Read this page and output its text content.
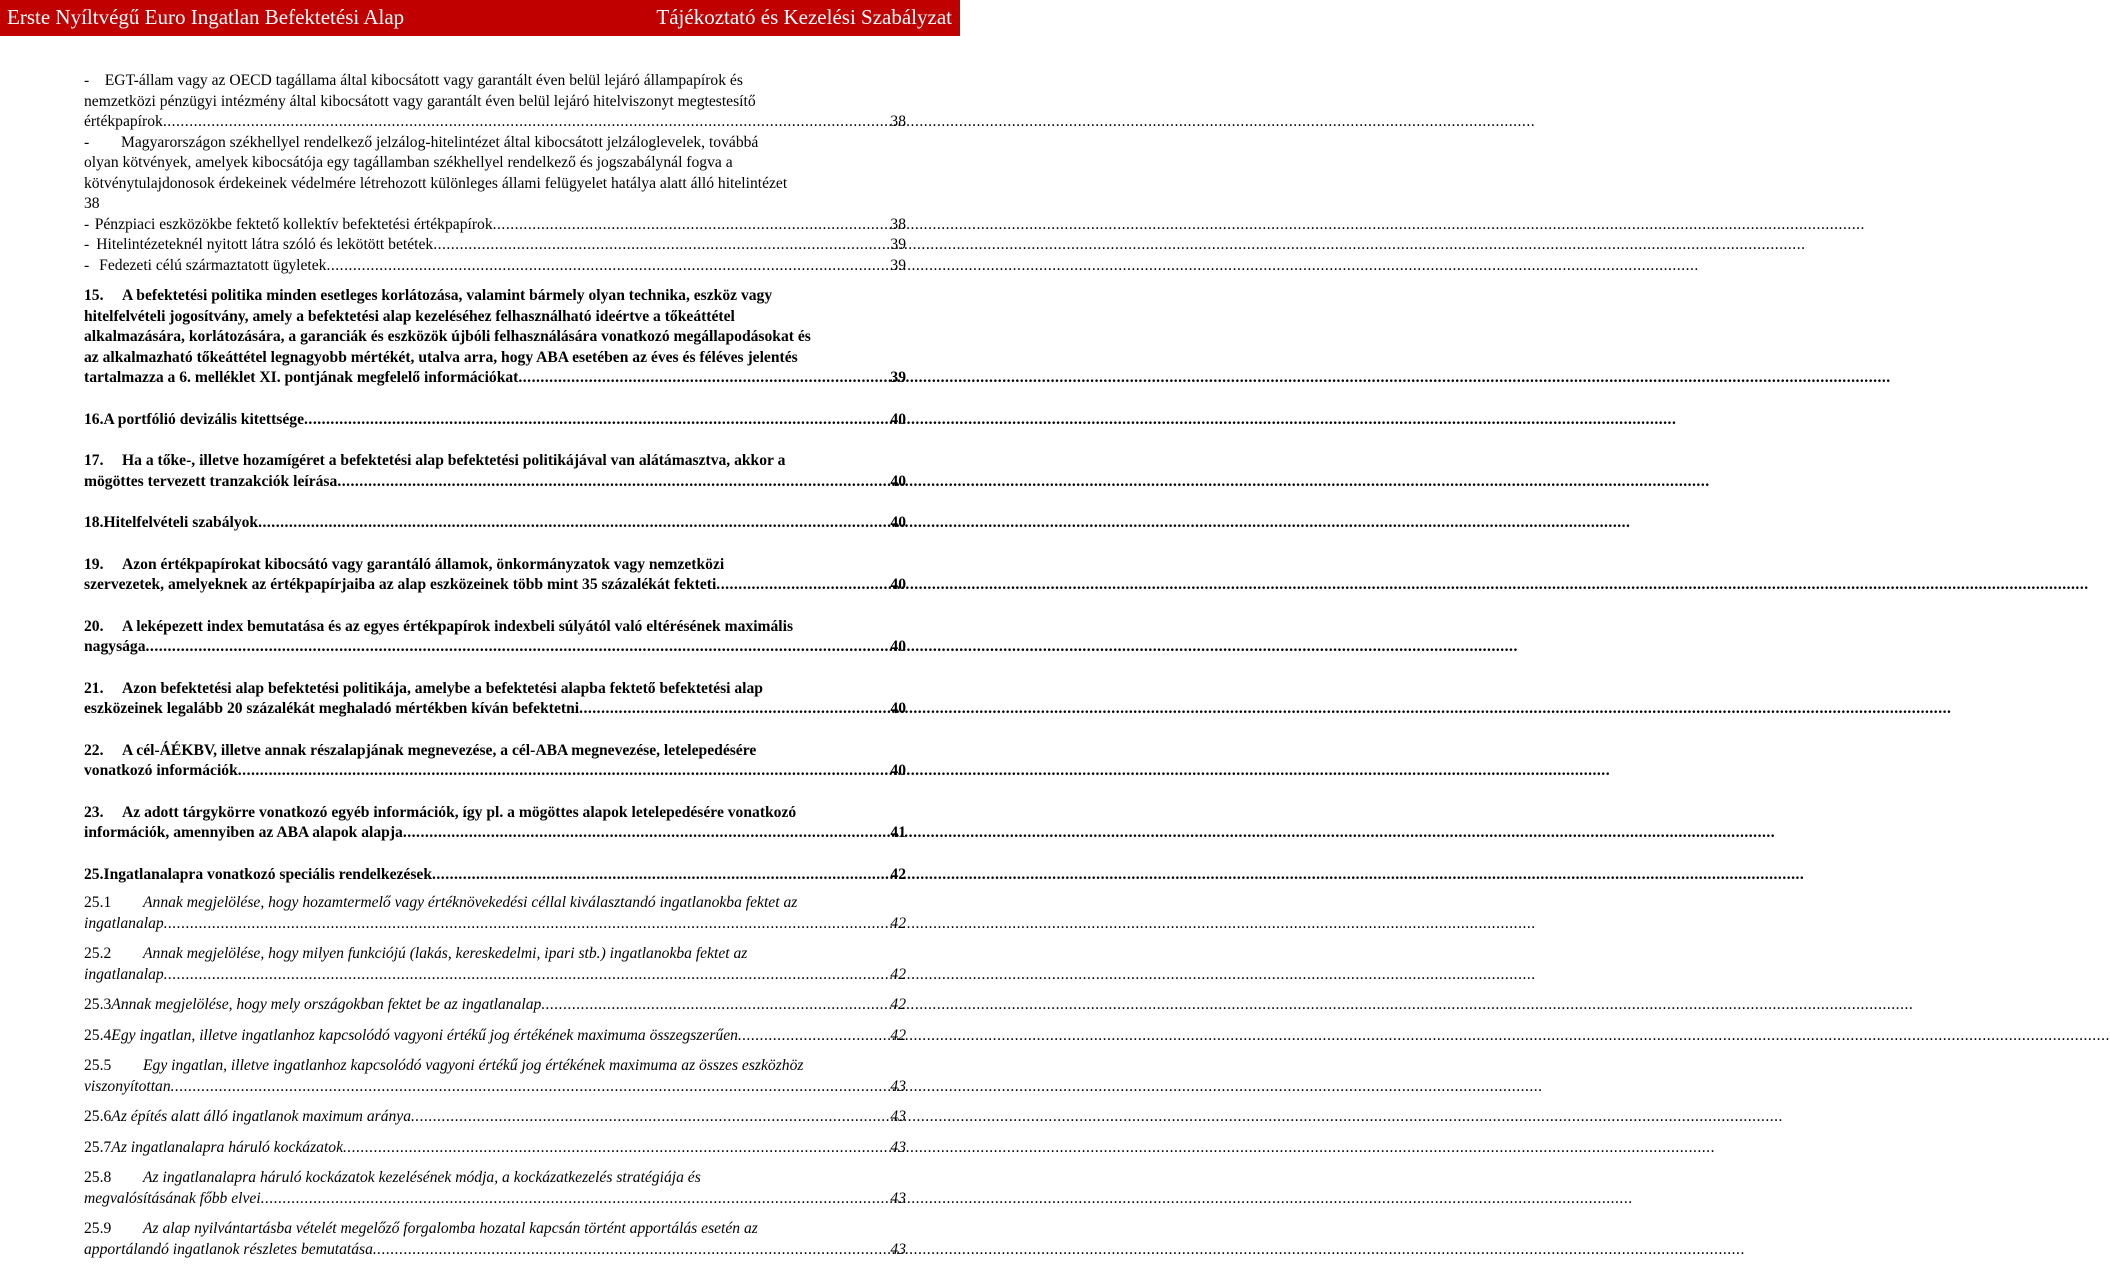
Erste Nyíltvégű Euro Ingatlan Befektetési Alap	Tájékoztató és Kezelési Szabályzat
-    EGT-állam vagy az OECD tagállama által kibocsátott vagy garantált éven belül lejáró állampapírok és
nemzetközi pénzügyi intézmény által kibocsátott vagy garantált éven belül lejáró hitelviszonyt megtestesítő
értékpapírok .....	38
-	Magyarországon székhellyel rendelkező jelzálog-hitelintézet által kibocsátott jelzáloglevelek, továbbá
olyan kötvények, amelyek kibocsátója egy tagállamban székhellyel rendelkező és jogszabálynál fogva a
kötvénytulajdonosok érdekeinek védelmére létrehozott különleges állami felügyelet hatálya alatt álló hitelintézet
38
- Pénzpiaci eszközökbe fektető kollektív befektetési értékpapírok .....	38
- Hitelintézeteknél nyitott látra szóló és lekötött betétek .....	39
- Fedezeti célú származtatott ügyletek .....	39
15.	A befektetési politika minden esetleges korlátozása, valamint bármely olyan technika, eszköz vagy
hitelfelvételi jogosítvány, amely a befektetési alap kezeléséhez felhasználható ideértve a tőkeáttétel
alkalmazására, korlátozására, a garanciák és eszközök újbóli felhasználására vonatkozó megállapodásokat és
az alkalmazható tőkeáttétel legnagyobb mértékét, utalva arra, hogy ABA esetében az éves és féléves jelentés
tartalmazza a 6. melléklet XI. pontjának megfelelő információkat .....	39
16. A portfólió devizális kitettsége .....	40
17.	Ha a tőke-, illetve hozamígéret a befektetési alap befektetési politikájával van alátámasztva, akkor a
mögöttes tervezett tranzakciók leírása .....	40
18. Hitelfelvételi szabályok .....	40
19.	Azon értékpapírokat kibocsátó vagy garantáló államok, önkormányzatok vagy nemzetközi
szervezetek, amelyeknek az értékpapírjaiba az alap eszközeinek több mint 35 százalékát fekteti .....	40
20.	A leképezett index bemutatása és az egyes értékpapírok indexbeli súlyától való eltérésének maximális
nagysága .....	40
21.	Azon befektetési alap befektetési politikája, amelybe a befektetési alapba fektető befektetési alap
eszközeinek legalább 20 százalékát meghaladó mértékben kíván befektetni .....	40
22.	A cél-ÁÉKBV, illetve annak részalapjának megnevezése, a cél-ABA megnevezése, letelepedésére
vonatkozó információk .....	40
23.	Az adott tárgykörre vonatkozó egyéb információk, így pl. a mögöttes alapok letelepedésére vonatkozó
információk, amennyiben az ABA alapok alapja .....	41
25. Ingatlanalapra vonatkozó speciális rendelkezések .....	42
25.1	Annak megjelölése, hogy hozamtermelő vagy értéknövekedési céllal kiválasztandó ingatlanokba fektet az
ingatlanalap .....	42
25.2	Annak megjelölése, hogy milyen funkciójú (lakás, kereskedelmi, ipari stb.) ingatlanokba fektet az
ingatlanalap .....	42
25.3 Annak megjelölése, hogy mely országokban fektet be az ingatlanalap .....	42
25.4 Egy ingatlan, illetve ingatlanhoz kapcsolódó vagyoni értékű jog értékének maximuma összegszerűen .....	42
25.5	Egy ingatlan, illetve ingatlanhoz kapcsolódó vagyoni értékű jog értékének maximuma az összes eszközhöz
viszonyítottan .....	43
25.6 Az építés alatt álló ingatlanok maximum aránya .....	43
25.7 Az ingatlanalapra háruló kockázatok .....	43
25.8	Az ingatlanalapra háruló kockázatok kezelésének módja, a kockázatkezelés stratégiája és
megvalósításának főbb elvei .....	43
25.9	Az alap nyilvántartásba vételét megelőző forgalomba hozatal kapcsán történt apportálás esetén az
apportálandó ingatlanok részletes bemutatása .....	43
